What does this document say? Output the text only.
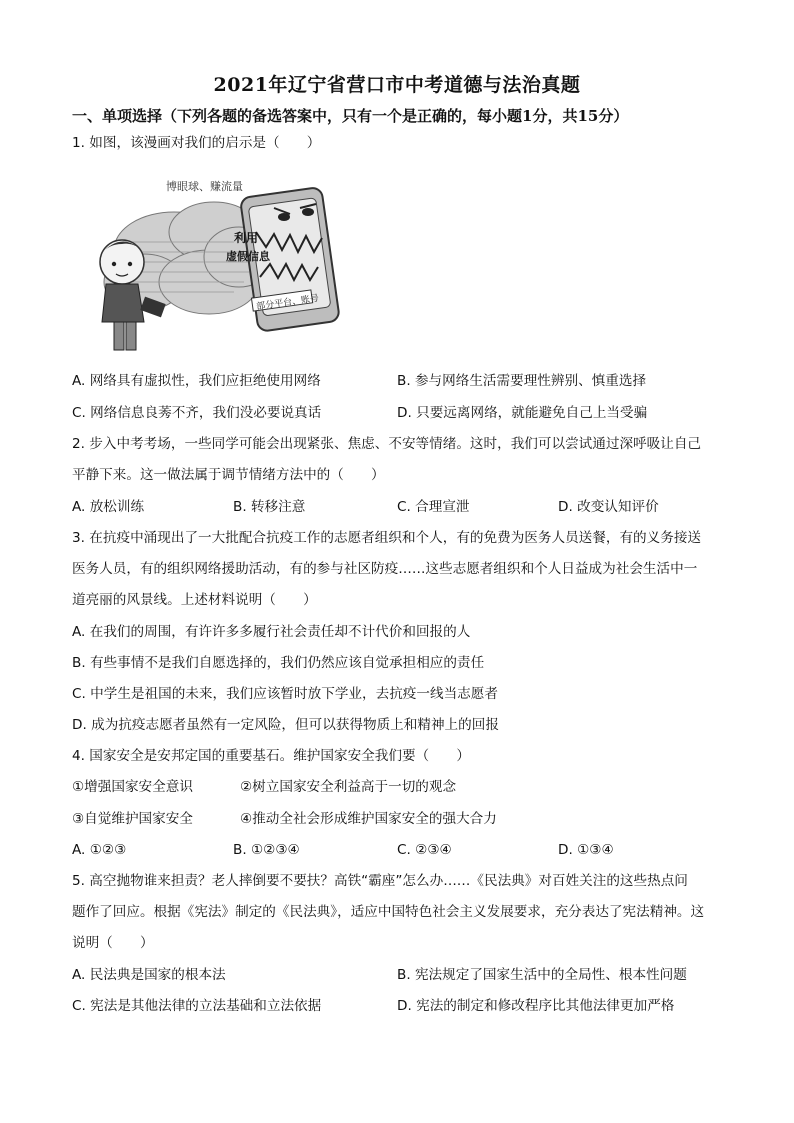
2021年辽宁省营口市中考道德与法治真题
一、单项选择（下列各题的备选答案中，只有一个是正确的，每小题1分，共15分）
1. 如图，该漫画对我们的启示是（　　）
利用
虚假信息
博眼球、赚流量
部分平台、账号
A. 网络具有虚拟性，我们应拒绝使用网络	B. 参与网络生活需要理性辨别、慎重选择
C. 网络信息良莠不齐，我们没必要说真话	D. 只要远离网络，就能避免自己上当受骗
2. 步入中考考场，一些同学可能会出现紧张、焦虑、不安等情绪。这时，我们可以尝试通过深呼吸让自己
平静下来。这一做法属于调节情绪方法中的（　　）
A. 放松训练	B. 转移注意	C. 合理宣泄	D. 改变认知评价
3. 在抗疫中涌现出了一大批配合抗疫工作的志愿者组织和个人，有的免费为医务人员送餐，有的义务接送
医务人员，有的组织网络援助活动，有的参与社区防疫……这些志愿者组织和个人日益成为社会生活中一
道亮丽的风景线。上述材料说明（　　）
A. 在我们的周围，有许许多多履行社会责任却不计代价和回报的人
B. 有些事情不是我们自愿选择的，我们仍然应该自觉承担相应的责任
C. 中学生是祖国的未来，我们应该暂时放下学业，去抗疫一线当志愿者
D. 成为抗疫志愿者虽然有一定风险，但可以获得物质上和精神上的回报
4. 国家安全是安邦定国的重要基石。维护国家安全我们要（　　）
①增强国家安全意识	②树立国家安全利益高于一切的观念
③自觉维护国家安全	④推动全社会形成维护国家安全的强大合力
A. ①②③	B. ①②③④	C. ②③④	D. ①③④
5. 高空抛物谁来担责？老人摔倒要不要扶？高铁“霸座”怎么办……《民法典》对百姓关注的这些热点问
题作了回应。根据《宪法》制定的《民法典》，适应中国特色社会主义发展要求，充分表达了宪法精神。这
说明（　　）
A. 民法典是国家的根本法	B. 宪法规定了国家生活中的全局性、根本性问题
C. 宪法是其他法律的立法基础和立法依据	D. 宪法的制定和修改程序比其他法律更加严格
